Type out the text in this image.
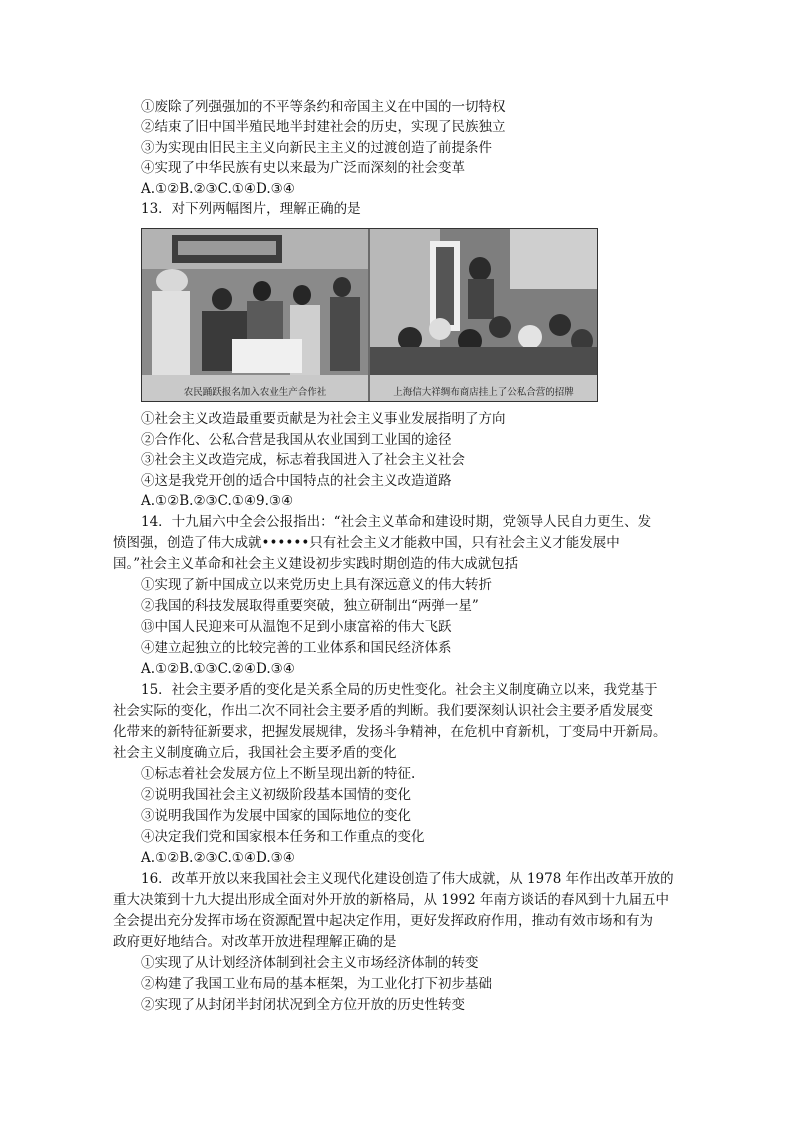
①废除了列强强加的不平等条约和帝国主义在中国的一切特权
②结束了旧中国半殖民地半封建社会的历史，实现了民族独立
③为实现由旧民主主义向新民主主义的过渡创造了前提条件
④实现了中华民族有史以来最为广泛而深刻的社会变革
A.①②B.②③C.①④D.③④
13．对下列两幅图片，理解正确的是
农民踊跃报名加入农业生产合作社	上海信大祥绸布商店挂上了公私合营的招牌
①社会主义改造最重要贡献是为社会主义事业发展指明了方向
②合作化、公私合营是我国从农业国到工业国的途径
③社会主义改造完成，标志着我国进入了社会主义社会
④这是我党开创的适合中国特点的社会主义改造道路
A.①②B.②③C.①④9.③④
14．十九届六中全会公报指出：“社会主义革命和建设时期，党领导人民自力更生、发
愤图强，创造了伟大成就••••••只有社会主义才能救中国，只有社会主义才能发展中
国。”社会主义革命和社会主义建设初步实践时期创造的伟大成就包括
①实现了新中国成立以来党历史上具有深远意义的伟大转折
②我国的科技发展取得重要突破，独立研制出“两弹一星”
⑬中国人民迎来可从温饱不足到小康富裕的伟大飞跃
④建立起独立的比较完善的工业体系和国民经济体系
A.①②B.①③C.②④D.③④
15．社会主要矛盾的变化是关系全局的历史性变化。社会主义制度确立以来，我党基于
社会实际的变化，作出二次不同社会主要矛盾的判断。我们要深刻认识社会主要矛盾发展变
化带来的新特征新要求，把握发展规律，发扬斗争精神，在危机中育新机，丁变局中开新局。
社会主义制度确立后，我国社会主要矛盾的变化
①标志着社会发展方位上不断呈现出新的特征.
②说明我国社会主义初级阶段基本国情的变化
③说明我国作为发展中国家的国际地位的变化
④决定我们党和国家根本任务和工作重点的变化
A.①②B.②③C.①④D.③④
16．改革开放以来我国社会主义现代化建设创造了伟大成就，从 1978 年作出改革开放的
重大决策到十九大提出形成全面对外开放的新格局，从 1992 年南方谈话的春风到十九届五中
全会提出充分发挥市场在资源配置中起决定作用，更好发挥政府作用，推动有效市场和有为
政府更好地结合。对改革开放进程理解正确的是
①实现了从计划经济体制到社会主义市场经济体制的转变
②构建了我国工业布局的基本框架，为工业化打下初步基础
②实现了从封闭半封闭状况到全方位开放的历史性转变
